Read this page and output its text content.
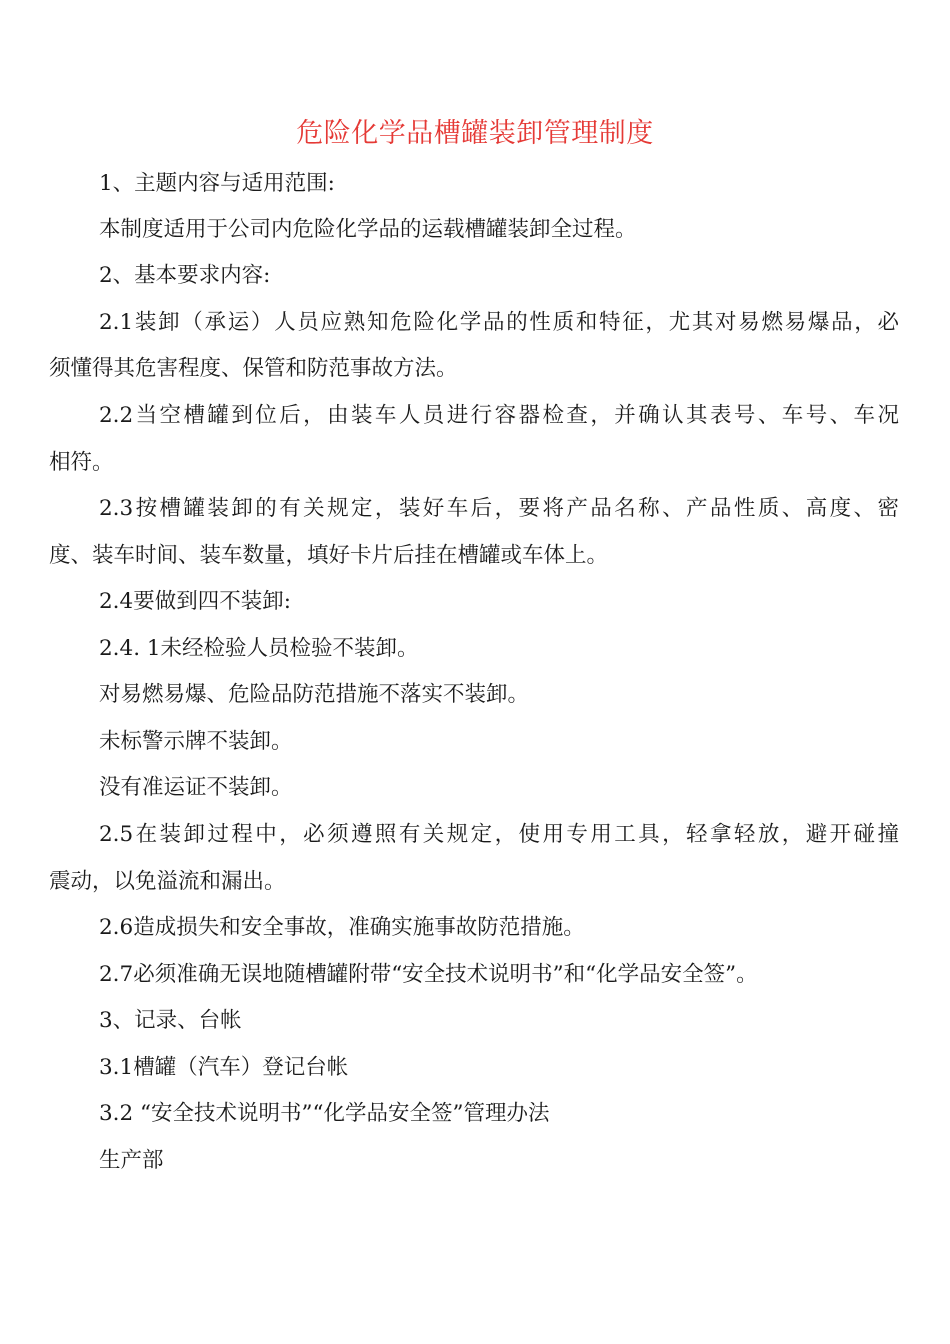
危险化学品槽罐装卸管理制度
1、主题内容与适用范围:
本制度适用于公司内危险化学品的运载槽罐装卸全过程。
2、基本要求内容:
2.1装卸（承运）人员应熟知危险化学品的性质和特征，尤其对易燃易爆品，必
须懂得其危害程度、保管和防范事故方法。
2.2当空槽罐到位后，由装车人员进行容器检查，并确认其表号、车号、车况
相符。
2.3按槽罐装卸的有关规定，装好车后，要将产品名称、产品性质、高度、密
度、装车时间、装车数量，填好卡片后挂在槽罐或车体上。
2.4要做到四不装卸:
2.4. 1未经检验人员检验不装卸。
对易燃易爆、危险品防范措施不落实不装卸。
未标警示牌不装卸。
没有准运证不装卸。
2.5在装卸过程中，必须遵照有关规定，使用专用工具，轻拿轻放，避开碰撞
震动，以免溢流和漏出。
2.6造成损失和安全事故，准确实施事故防范措施。
2.7必须准确无误地随槽罐附带“安全技术说明书”和“化学品安全签”。
3、记录、台帐
3.1槽罐（汽车）登记台帐
3.2 “安全技术说明书”“化学品安全签”管理办法
生产部
